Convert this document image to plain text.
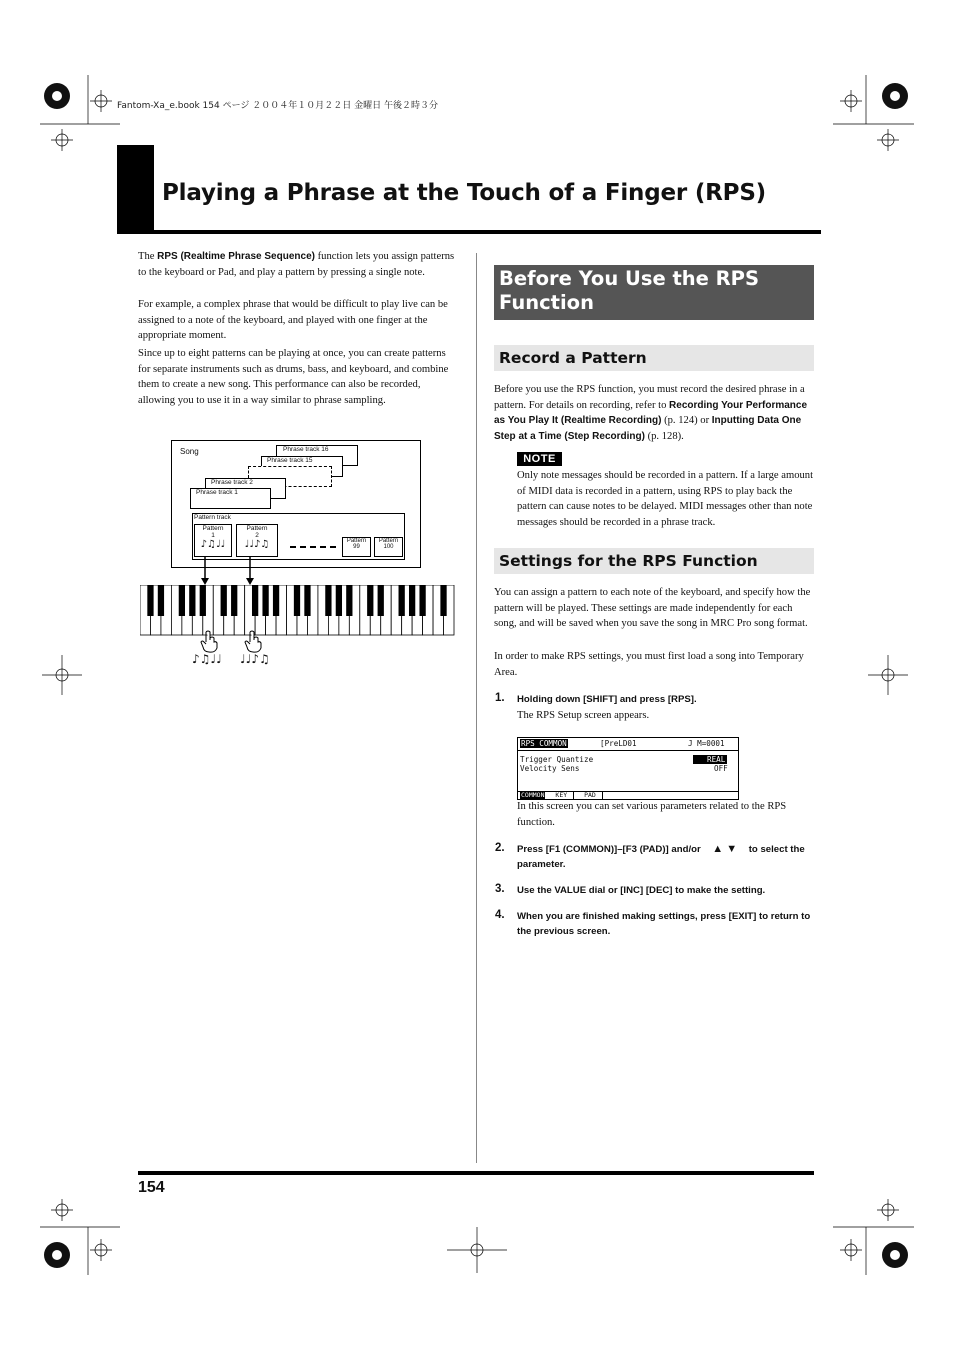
Fantom-Xa_e.book 154 ページ ２００４年１０月２２日 金曜日 午後２時３分
Playing a Phrase at the Touch of a Finger (RPS)

The RPS (Realtime Phrase Sequence) function lets you assign patterns to the keyboard or Pad, and play a pattern by pressing a single note.

For example, a complex phrase that would be difficult to play live can be assigned to a note of the keyboard, and played with one finger at the appropriate moment.

Since up to eight patterns can be playing at once, you can create patterns for separate instruments such as drums, bass, and keyboard, and combine them to create a new song. This performance can also be recorded, allowing you to use it in a way similar to phrase sampling.

Song	Phrase track 16
Phrase track 15
Phrase track 2
Phrase track 1
Pattern track
Pattern
1
♪♫♩♩
Pattern
2
♩♩♪♫	Pattern
99
Pattern
100
♪♫♩♩ ♩♩♪♫
Before You Use the RPS
Function
Record a Pattern

Before you use the RPS function, you must record the desired phrase in a pattern. For details on recording, refer to Recording Your Performance as You Play It (Realtime Recording) (p. 124) or Inputting Data One Step at a Time (Step Recording) (p. 128).

NOTE

Only note messages should be recorded in a pattern. If a large amount of MIDI data is recorded in a pattern, using RPS to play back the pattern can cause notes to be delayed. MIDI messages other than note messages should be recorded in a phrase track.

Settings for the RPS Function

You can assign a pattern to each note of the keyboard, and specify how the pattern will be played. These settings are made independently for each song, and will be saved when you save the song in MRC Pro song format.

In order to make RPS settings, you must first load a song into Temporary Area.

1. Holding down [SHIFT] and press [RPS].

The RPS Setup screen appears.

RPS COMMON	[PreLD01	J M=0001
Trigger Quantize	REAL
Velocity Sens	OFF
COMMON KEY	PAD

In this screen you can set various parameters related to the RPS function.

2. Press [F1 (COMMON)]–[F3 (PAD)] and/or ▲ ▼ to select the parameter.

3. Use the VALUE dial or [INC] [DEC] to make the setting.

4. When you are finished making settings, press [EXIT] to return to the previous screen.

154
